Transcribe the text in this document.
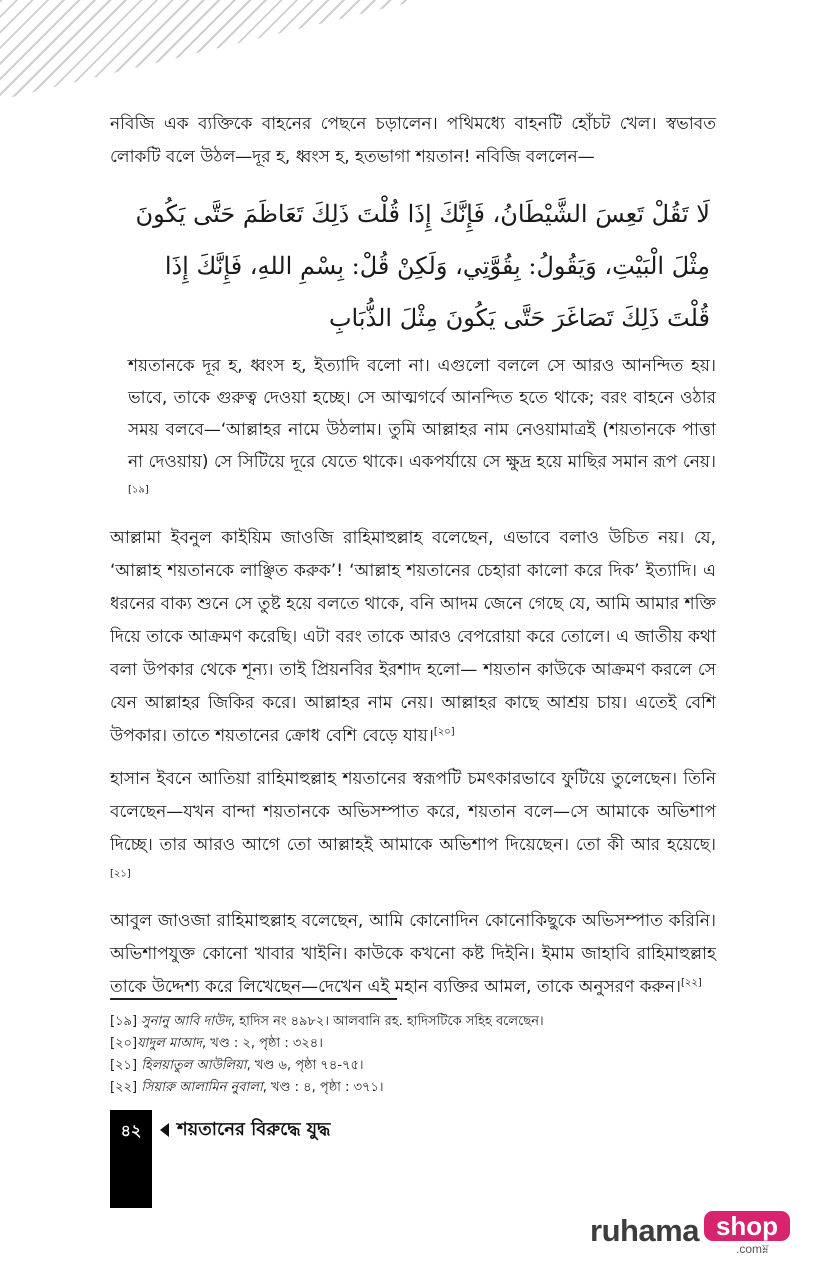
নবিজি এক ব্যক্তিকে বাহনের পেছনে চড়ালেন। পথিমধ্যে বাহনটি হোঁচট খেল। স্বভাবত লোকটি বলে উঠল—দূর হ, ধ্বংস হ, হতভাগা শয়তান! নবিজি বললেন—

لَا تَقُلْ تَعِسَ الشَّيْطَانُ، فَإِنَّكَ إِذَا قُلْتَ ذَلِكَ تَعَاظَمَ حَتَّى يَكُونَ مِثْلَ الْبَيْتِ، وَيَقُولُ: بِقُوَّتِي، وَلَكِنْ قُلْ: بِسْمِ اللهِ، فَإِنَّكَ إِذَا قُلْتَ ذَلِكَ تَصَاغَرَ حَتَّى يَكُونَ مِثْلَ الذُّبَابِ

শয়তানকে দূর হ, ধ্বংস হ, ইত্যাদি বলো না। এগুলো বললে সে আরও আনন্দিত হয়। ভাবে, তাকে গুরুত্ব দেওয়া হচ্ছে। সে আত্মগর্বে আনন্দিত হতে থাকে; বরং বাহনে ওঠার সময় বলবে—‘আল্লাহর নামে উঠলাম। তুমি আল্লাহর নাম নেওয়ামাত্রই (শয়তানকে পাত্তা না দেওয়ায়) সে সিটিয়ে দূরে যেতে থাকে। একপর্যায়ে সে ক্ষুদ্র হয়ে মাছির সমান রূপ নেয়।[১৯]

আল্লামা ইবনুল কাইয়িম জাওজি রাহিমাহুল্লাহ বলেছেন, এভাবে বলাও উচিত নয়। যে, ‘আল্লাহ শয়তানকে লাঞ্ছিত করুক’! ‘আল্লাহ শয়তানের চেহারা কালো করে দিক’ ইত্যাদি। এ ধরনের বাক্য শুনে সে তুষ্ট হয়ে বলতে থাকে, বনি আদম জেনে গেছে যে, আমি আমার শক্তি দিয়ে তাকে আক্রমণ করেছি। এটা বরং তাকে আরও বেপরোয়া করে তোলে। এ জাতীয় কথা বলা উপকার থেকে শূন্য। তাই প্রিয়নবির ইরশাদ হলো— শয়তান কাউকে আক্রমণ করলে সে যেন আল্লাহর জিকির করে। আল্লাহর নাম নেয়। আল্লাহর কাছে আশ্রয় চায়। এতেই বেশি উপকার। তাতে শয়তানের ক্রোধ বেশি বেড়ে যায়।[২০]

হাসান ইবনে আতিয়া রাহিমাহুল্লাহ শয়তানের স্বরূপটি চমৎকারভাবে ফুটিয়ে তুলেছেন। তিনি বলেছেন—যখন বান্দা শয়তানকে অভিসম্পাত করে, শয়তান বলে—সে আমাকে অভিশাপ দিচ্ছে। তার আরও আগে তো আল্লাহই আমাকে অভিশাপ দিয়েছেন। তো কী আর হয়েছে।[২১]

আবুল জাওজা রাহিমাহুল্লাহ বলেছেন, আমি কোনোদিন কোনোকিছুকে অভিসম্পাত করিনি। অভিশাপযুক্ত কোনো খাবার খাইনি। কাউকে কখনো কষ্ট দিইনি। ইমাম জাহাবি রাহিমাহুল্লাহ তাকে উদ্দেশ্য করে লিখেছেন—দেখেন এই মহান ব্যক্তির আমল, তাকে অনুসরণ করুন।[২২]

[১৯] সুনানু আবি দাউদ, হাদিস নং ৪৯৮২। আলবানি রহ. হাদিসটিকে সহিহ বলেছেন।

[২০]যাদুল মাআদ, খণ্ড : ২, পৃষ্ঠা : ৩২৪।

[২১] হিলয়াতুল আউলিয়া, খণ্ড ৬, পৃষ্ঠা ৭৪-৭৫।

[২২] সিয়ারু আলামিন নুবালা, খণ্ড : ৪, পৃষ্ঠা : ৩৭১।

৪২	শয়তানের বিরুদ্ধে যুদ্ধ
ruhama shop
.comম্ন
